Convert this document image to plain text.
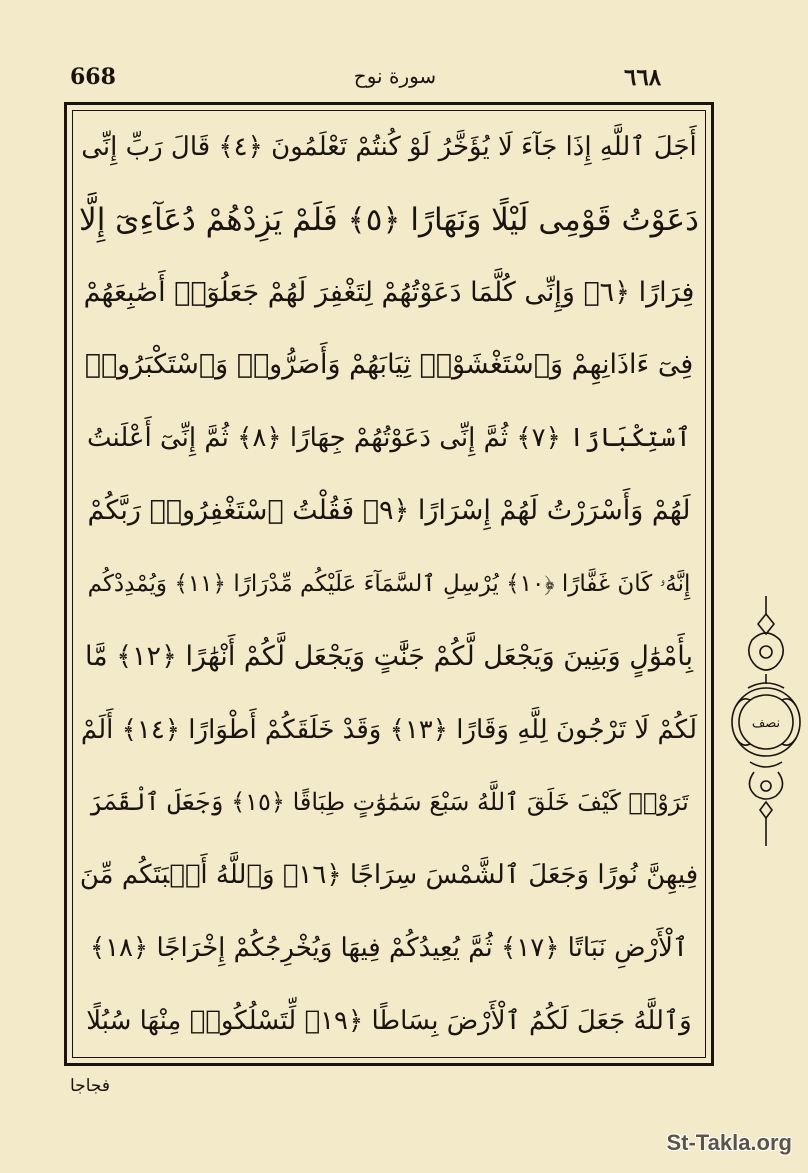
668	سورة نوح	٦٦٨
أَجَلَ ٱللَّهِ إِذَا جَآءَ لَا يُؤَخَّرُ لَوْ كُنتُمْ تَعْلَمُونَ ﴿٤﴾ قَالَ رَبِّ إِنِّى
دَعَوْتُ قَوْمِى لَيْلًا وَنَهَارًا ﴿٥﴾ فَلَمْ يَزِدْهُمْ دُعَآءِىٓ إِلَّا
فِرَارًا ﴿٦﴾ وَإِنِّى كُلَّمَا دَعَوْتُهُمْ لِتَغْفِرَ لَهُمْ جَعَلُوٓا۟ أَصَٰبِعَهُمْ
فِىٓ ءَاذَانِهِمْ وَٱسْتَغْشَوْا۟ ثِيَابَهُمْ وَأَصَرُّوا۟ وَٱسْتَكْبَرُوا۟
ٱسْتِكْبَارًا ﴿٧﴾ ثُمَّ إِنِّى دَعَوْتُهُمْ جِهَارًا ﴿٨﴾ ثُمَّ إِنِّىٓ أَعْلَنتُ
لَهُمْ وَأَسْرَرْتُ لَهُمْ إِسْرَارًا ﴿٩﴾ فَقُلْتُ ٱسْتَغْفِرُوا۟ رَبَّكُمْ
إِنَّهُۥ كَانَ غَفَّارًا ﴿١٠﴾ يُرْسِلِ ٱلسَّمَآءَ عَلَيْكُم مِّدْرَارًا ﴿١١﴾ وَيُمْدِدْكُم
بِأَمْوَٰلٍ وَبَنِينَ وَيَجْعَل لَّكُمْ جَنَّٰتٍ وَيَجْعَل لَّكُمْ أَنْهَٰرًا ﴿١٢﴾ مَّا
لَكُمْ لَا تَرْجُونَ لِلَّهِ وَقَارًا ﴿١٣﴾ وَقَدْ خَلَقَكُمْ أَطْوَارًا ﴿١٤﴾ أَلَمْ
تَرَوْا۟ كَيْفَ خَلَقَ ٱللَّهُ سَبْعَ سَمَٰوَٰتٍ طِبَاقًا ﴿١٥﴾ وَجَعَلَ ٱلْقَمَرَ
فِيهِنَّ نُورًا وَجَعَلَ ٱلشَّمْسَ سِرَاجًا ﴿١٦﴾ وَٱللَّهُ أَنۢبَتَكُم مِّنَ
ٱلْأَرْضِ نَبَاتًا ﴿١٧﴾ ثُمَّ يُعِيدُكُمْ فِيهَا وَيُخْرِجُكُمْ إِخْرَاجًا ﴿١٨﴾
وَٱللَّهُ جَعَلَ لَكُمُ ٱلْأَرْضَ بِسَاطًا ﴿١٩﴾ لِّتَسْلُكُوا۟ مِنْهَا سُبُلًا
نصف
فجاجا
St-Takla.org
